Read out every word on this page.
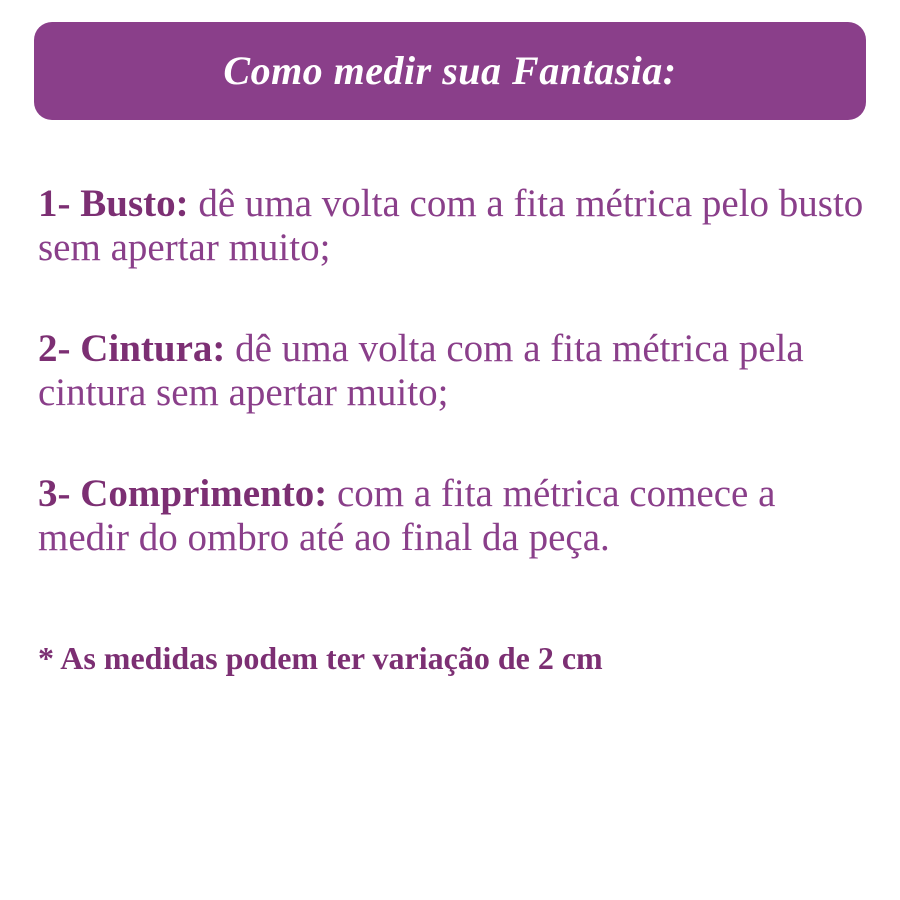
Como medir sua Fantasia:

1- Busto: dê uma volta com a fita métrica pelo busto sem apertar muito;

2- Cintura: dê uma volta com a fita métrica pela cintura sem apertar muito;

3- Comprimento: com a fita métrica comece a medir do ombro até ao final da peça.

* As medidas podem ter variação de 2 cm
